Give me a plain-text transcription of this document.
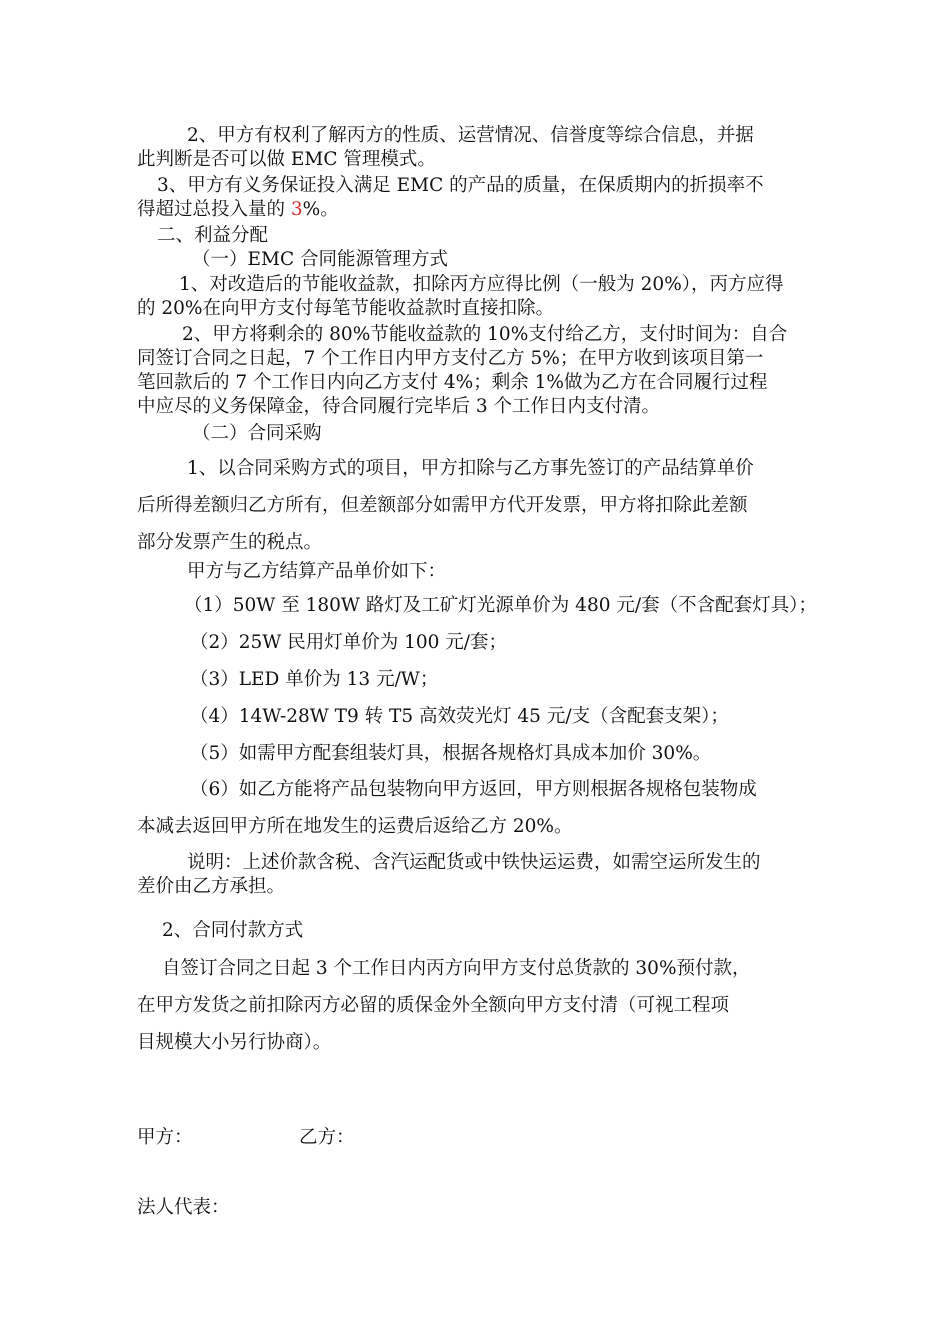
2、甲方有权利了解丙方的性质、运营情况、信誉度等综合信息，并据
此判断是否可以做 EMC 管理模式。
3、甲方有义务保证投入满足 EMC 的产品的质量，在保质期内的折损率不
得超过总投入量的 3%。
二、利益分配
（一）EMC 合同能源管理方式
1、对改造后的节能收益款，扣除丙方应得比例（一般为 20%），丙方应得
的 20%在向甲方支付每笔节能收益款时直接扣除。
2、甲方将剩余的 80%节能收益款的 10%支付给乙方，支付时间为：自合
同签订合同之日起，7 个工作日内甲方支付乙方 5%；在甲方收到该项目第一
笔回款后的 7 个工作日内向乙方支付 4%；剩余 1%做为乙方在合同履行过程
中应尽的义务保障金，待合同履行完毕后 3 个工作日内支付清。
（二）合同采购
1、以合同采购方式的项目，甲方扣除与乙方事先签订的产品结算单价
后所得差额归乙方所有，但差额部分如需甲方代开发票，甲方将扣除此差额
部分发票产生的税点。
甲方与乙方结算产品单价如下：
（1）50W 至 180W 路灯及工矿灯光源单价为 480 元/套（不含配套灯具）；
（2）25W 民用灯单价为 100 元/套；
（3）LED 单价为 13 元/W；
（4）14W-28W T9 转 T5 高效荧光灯 45 元/支（含配套支架）；
（5）如需甲方配套组装灯具，根据各规格灯具成本加价 30%。
（6）如乙方能将产品包装物向甲方返回，甲方则根据各规格包装物成
本减去返回甲方所在地发生的运费后返给乙方 20%。
说明：上述价款含税、含汽运配货或中铁快运运费，如需空运所发生的
差价由乙方承担。
2、合同付款方式
自签订合同之日起 3 个工作日内丙方向甲方支付总货款的 30%预付款，
在甲方发货之前扣除丙方必留的质保金外全额向甲方支付清（可视工程项
目规模大小另行协商）。
甲方：	乙方：
法人代表：
